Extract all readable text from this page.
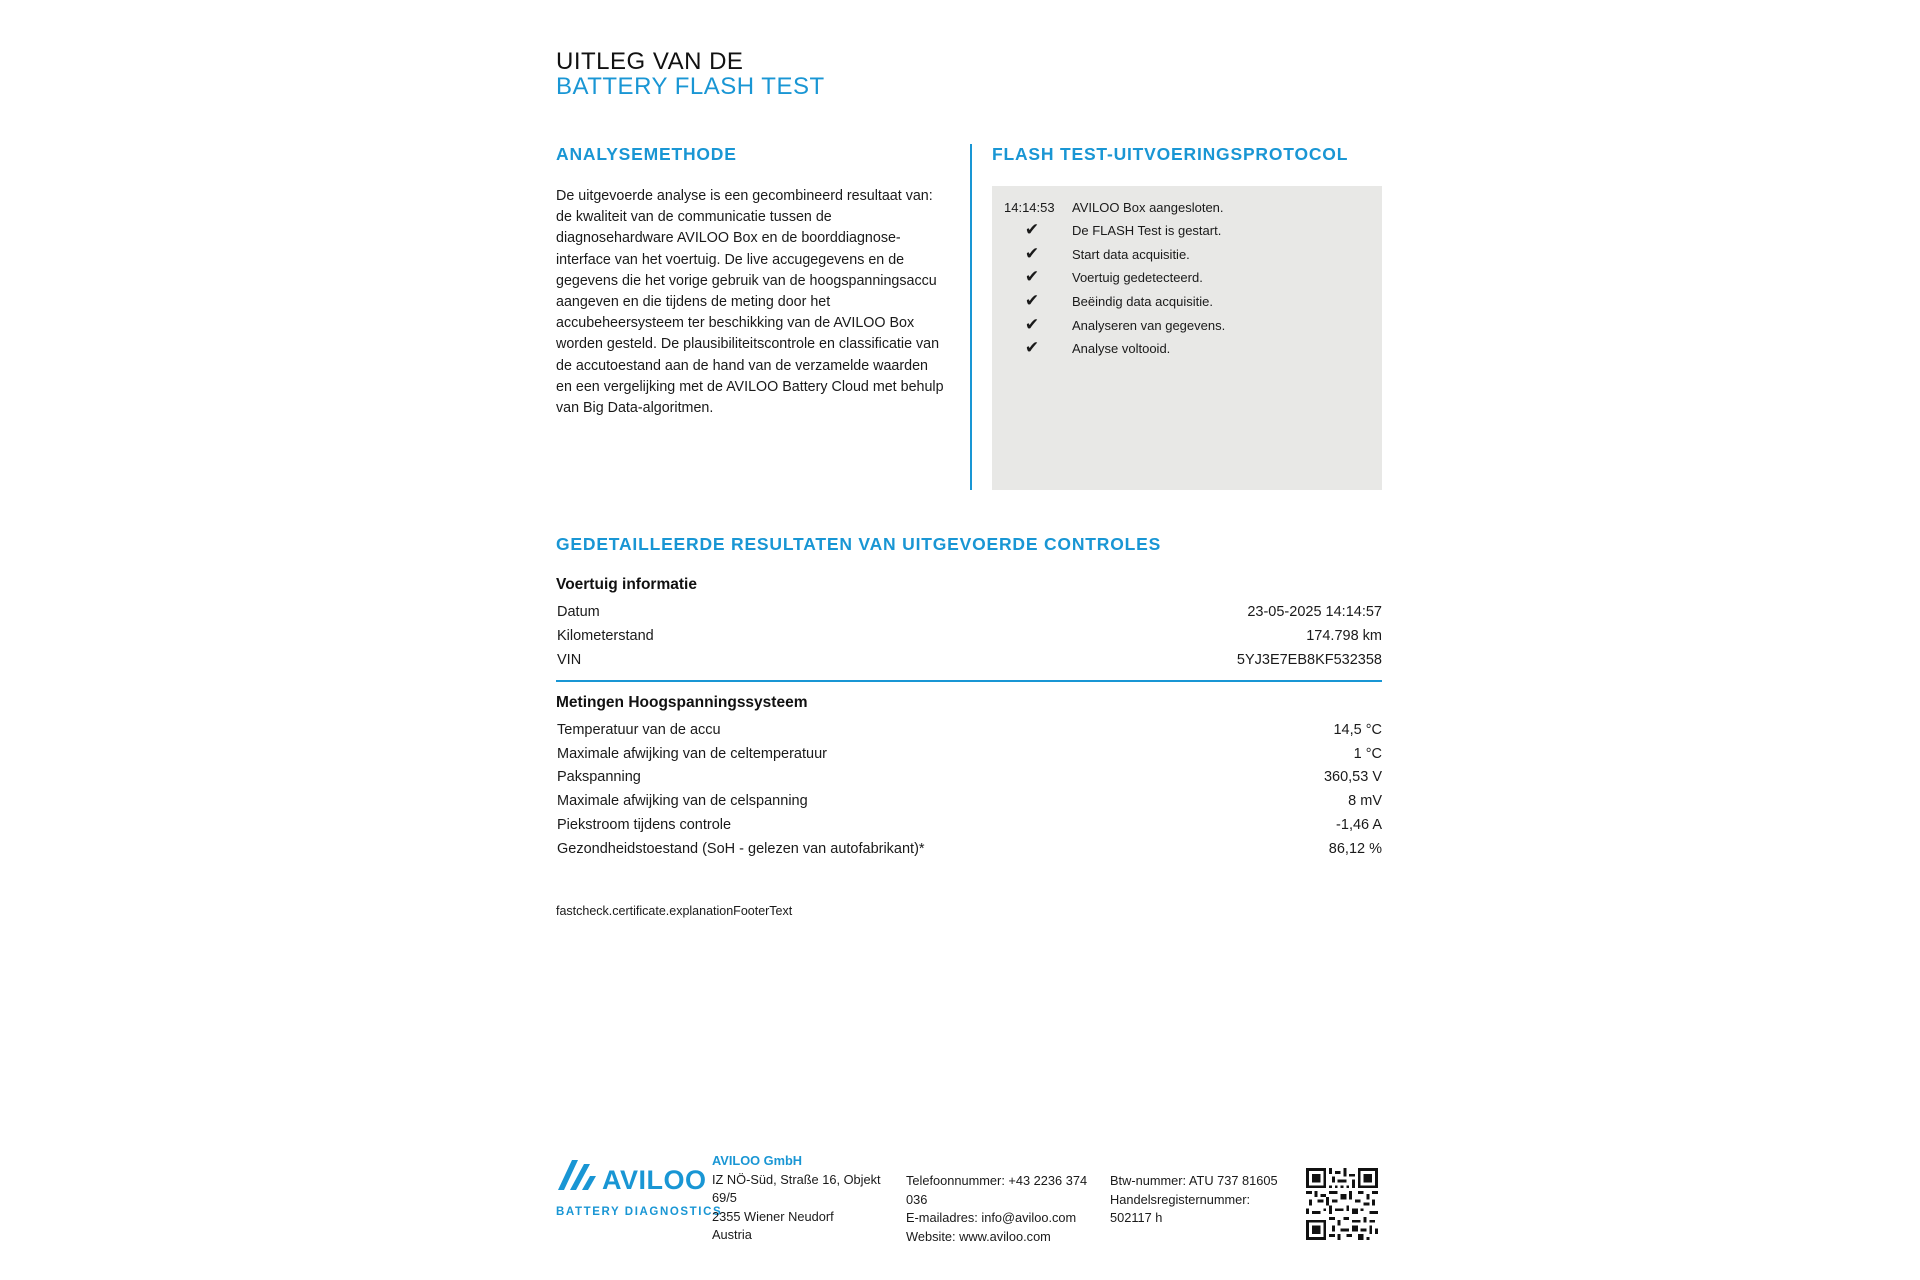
UITLEG VAN DE
BATTERY FLASH TEST
ANALYSEMETHODE
De uitgevoerde analyse is een gecombineerd resultaat van: de kwaliteit van de communicatie tussen de diagnosehardware AVILOO Box en de boorddiagnose-interface van het voertuig. De live accugegevens en de gegevens die het vorige gebruik van de hoogspanningsaccu aangeven en die tijdens de meting door het accubeheersysteem ter beschikking van de AVILOO Box worden gesteld. De plausibiliteitscontrole en classificatie van de accutoestand aan de hand van de verzamelde waarden en een vergelijking met de AVILOO Battery Cloud met behulp van Big Data-algoritmen.
FLASH TEST-UITVOERINGSPROTOCOL
14:14:53	AVILOO Box aangesloten.
✔	De FLASH Test is gestart.
✔	Start data acquisitie.
✔	Voertuig gedetecteerd.
✔	Beëindig data acquisitie.
✔	Analyseren van gegevens.
✔	Analyse voltooid.
GEDETAILLEERDE RESULTATEN VAN UITGEVOERDE CONTROLES
Voertuig informatie
Datum	23-05-2025 14:14:57
Kilometerstand	174.798 km
VIN	5YJ3E7EB8KF532358
Metingen Hoogspanningssysteem
Temperatuur van de accu	14,5 °C
Maximale afwijking van de celtemperatuur	1 °C
Pakspanning	360,53 V
Maximale afwijking van de celspanning	8 mV
Piekstroom tijdens controle	-1,46 A
Gezondheidstoestand (SoH - gelezen van autofabrikant)*	86,12 %
fastcheck.certificate.explanationFooterText
AVILOO
BATTERY DIAGNOSTICS
AVILOO GmbH
IZ NÖ-Süd, Straße 16, Objekt 69/5
2355 Wiener Neudorf
Austria
Telefoonnummer: +43 2236 374 036
E-mailadres: info@aviloo.com
Website: www.aviloo.com
Btw-nummer: ATU 737 81605
Handelsregisternummer: 502117 h
